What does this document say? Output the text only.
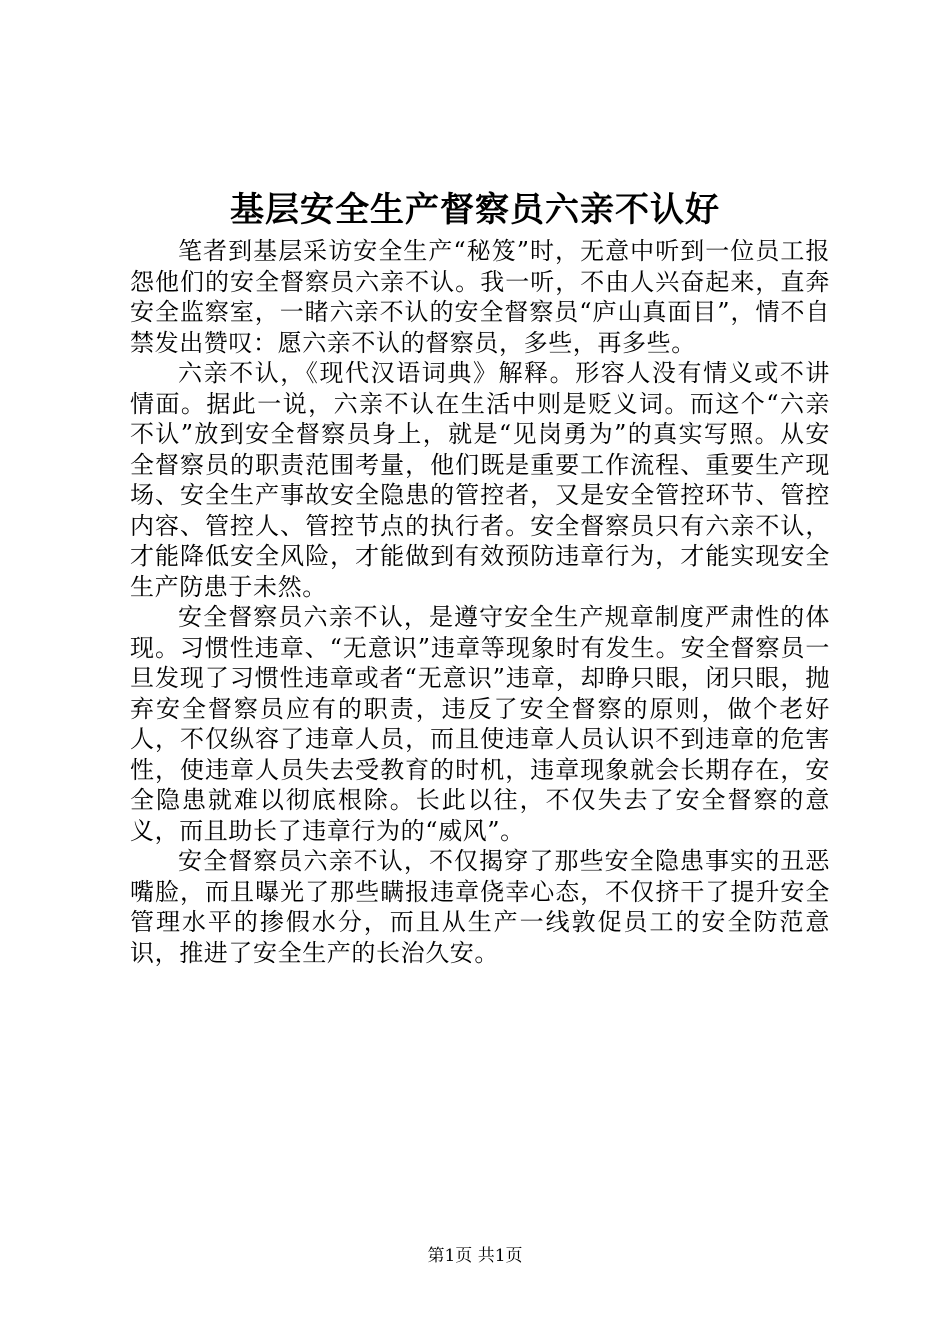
基层安全生产督察员六亲不认好

笔者到基层采访安全生产“秘笈”时，无意中听到一位员工报怨他们的安全督察员六亲不认。我一听，不由人兴奋起来，直奔安全监察室，一睹六亲不认的安全督察员“庐山真面目”，情不自禁发出赞叹：愿六亲不认的督察员，多些，再多些。

六亲不认，《现代汉语词典》解释。形容人没有情义或不讲情面。据此一说，六亲不认在生活中则是贬义词。而这个“六亲不认”放到安全督察员身上，就是“见岗勇为”的真实写照。从安全督察员的职责范围考量，他们既是重要工作流程、重要生产现场、安全生产事故安全隐患的管控者，又是安全管控环节、管控内容、管控人、管控节点的执行者。安全督察员只有六亲不认，才能降低安全风险，才能做到有效预防违章行为，才能实现安全生产防患于未然。

安全督察员六亲不认，是遵守安全生产规章制度严肃性的体现。习惯性违章、“无意识”违章等现象时有发生。安全督察员一旦发现了习惯性违章或者“无意识”违章，却睁只眼，闭只眼，抛弃安全督察员应有的职责，违反了安全督察的原则，做个老好人，不仅纵容了违章人员，而且使违章人员认识不到违章的危害性，使违章人员失去受教育的时机，违章现象就会长期存在，安全隐患就难以彻底根除。长此以往，不仅失去了安全督察的意义，而且助长了违章行为的“威风”。

安全督察员六亲不认，不仅揭穿了那些安全隐患事实的丑恶嘴脸，而且曝光了那些瞒报违章侥幸心态，不仅挤干了提升安全管理水平的掺假水分，而且从生产一线敦促员工的安全防范意识，推进了安全生产的长治久安。

第1页 共1页
